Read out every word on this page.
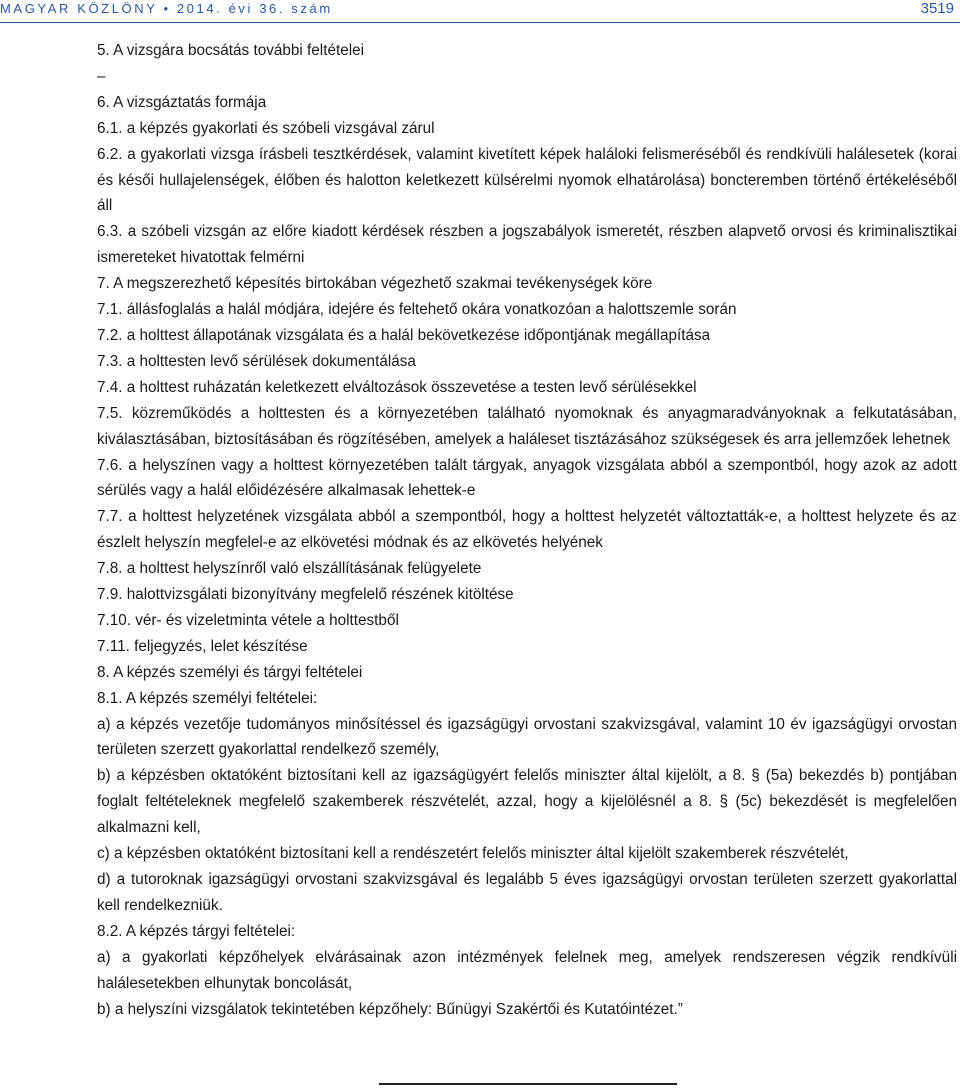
MAGYAR KÖZLÖNY • 2014. évi 36. szám	3519

5. A vizsgára bocsátás további feltételei

–

6. A vizsgáztatás formája

6.1. a képzés gyakorlati és szóbeli vizsgával zárul

6.2. a gyakorlati vizsga írásbeli tesztkérdések, valamint kivetített képek haláloki felismeréséből és rendkívüli halálesetek (korai és késői hullajelenségek, élőben és halotton keletkezett külsérelmi nyomok elhatárolása) boncteremben történő értékeléséből áll

6.3. a szóbeli vizsgán az előre kiadott kérdések részben a jogszabályok ismeretét, részben alapvető orvosi és kriminalisztikai ismereteket hivatottak felmérni

7. A megszerezhető képesítés birtokában végezhető szakmai tevékenységek köre

7.1. állásfoglalás a halál módjára, idejére és feltehető okára vonatkozóan a halottszemle során

7.2. a holttest állapotának vizsgálata és a halál bekövetkezése időpontjának megállapítása

7.3. a holttesten levő sérülések dokumentálása

7.4. a holttest ruházatán keletkezett elváltozások összevetése a testen levő sérülésekkel

7.5. közreműködés a holttesten és a környezetében található nyomoknak és anyagmaradványoknak a felkutatásában, kiválasztásában, biztosításában és rögzítésében, amelyek a haláleset tisztázásához szükségesek és arra jellemzőek lehetnek

7.6. a helyszínen vagy a holttest környezetében talált tárgyak, anyagok vizsgálata abból a szempontból, hogy azok az adott sérülés vagy a halál előidézésére alkalmasak lehettek-e

7.7. a holttest helyzetének vizsgálata abból a szempontból, hogy a holttest helyzetét változtatták-e, a holttest helyzete és az észlelt helyszín megfelel-e az elkövetési módnak és az elkövetés helyének

7.8. a holttest helyszínről való elszállításának felügyelete

7.9. halottvizsgálati bizonyítvány megfelelő részének kitöltése

7.10. vér- és vizeletminta vétele a holttestből

7.11. feljegyzés, lelet készítése

8. A képzés személyi és tárgyi feltételei

8.1. A képzés személyi feltételei:

a) a képzés vezetője tudományos minősítéssel és igazságügyi orvostani szakvizsgával, valamint 10 év igazságügyi orvostan területen szerzett gyakorlattal rendelkező személy,

b) a képzésben oktatóként biztosítani kell az igazságügyért felelős miniszter által kijelölt, a 8. § (5a) bekezdés b) pontjában foglalt feltételeknek megfelelő szakemberek részvételét, azzal, hogy a kijelölésnél a 8. § (5c) bekezdését is megfelelően alkalmazni kell,

c) a képzésben oktatóként biztosítani kell a rendészetért felelős miniszter által kijelölt szakemberek részvételét,

d) a tutoroknak igazságügyi orvostani szakvizsgával és legalább 5 éves igazságügyi orvostan területen szerzett gyakorlattal kell rendelkezniük.

8.2. A képzés tárgyi feltételei:

a) a gyakorlati képzőhelyek elvárásainak azon intézmények felelnek meg, amelyek rendszeresen végzik rendkívüli halálesetekben elhunytak boncolását,

b) a helyszíni vizsgálatok tekintetében képzőhely: Bűnügyi Szakértői és Kutatóintézet.”
